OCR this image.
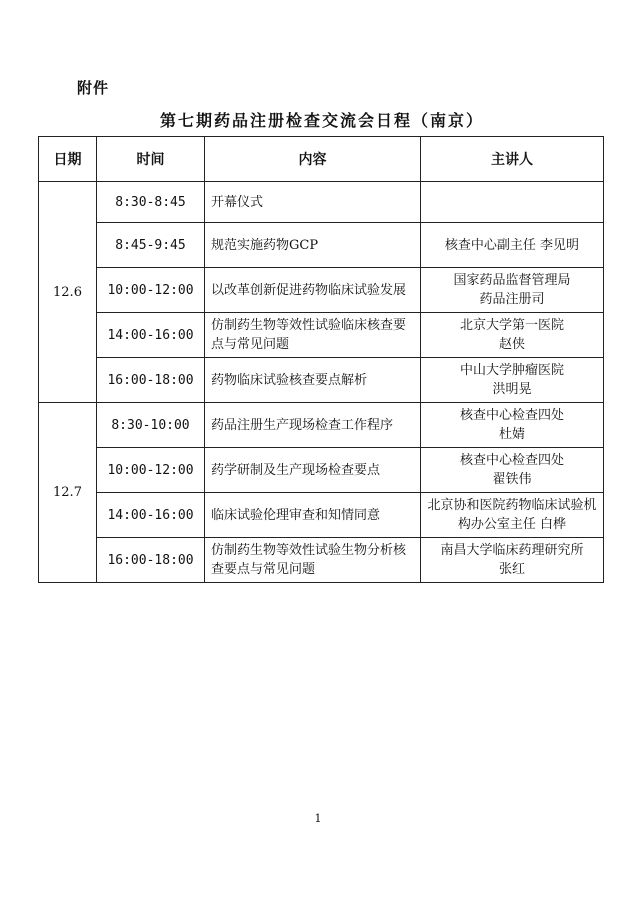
附件
第七期药品注册检查交流会日程（南京）
日期	时间	内容	主讲人
12.6	8:30-8:45	开幕仪式	

	8:45-9:45	规范实施药物GCP	核查中心副主任 李见明

	10:00-12:00	以改革创新促进药物临床试验发展	国家药品监督管理局
药品注册司

	14:00-16:00	仿制药生物等效性试验临床核查要点与常见问题	北京大学第一医院
赵侠

	16:00-18:00	药物临床试验核查要点解析	中山大学肿瘤医院
洪明晃

12.7	8:30-10:00	药品注册生产现场检查工作程序	核查中心检查四处
杜婧

	10:00-12:00	药学研制及生产现场检查要点	核查中心检查四处
翟铁伟

	14:00-16:00	临床试验伦理审查和知情同意	北京协和医院药物临床试验机构办公室主任 白桦

	16:00-18:00	仿制药生物等效性试验生物分析核查要点与常见问题	南昌大学临床药理研究所
张红
1
